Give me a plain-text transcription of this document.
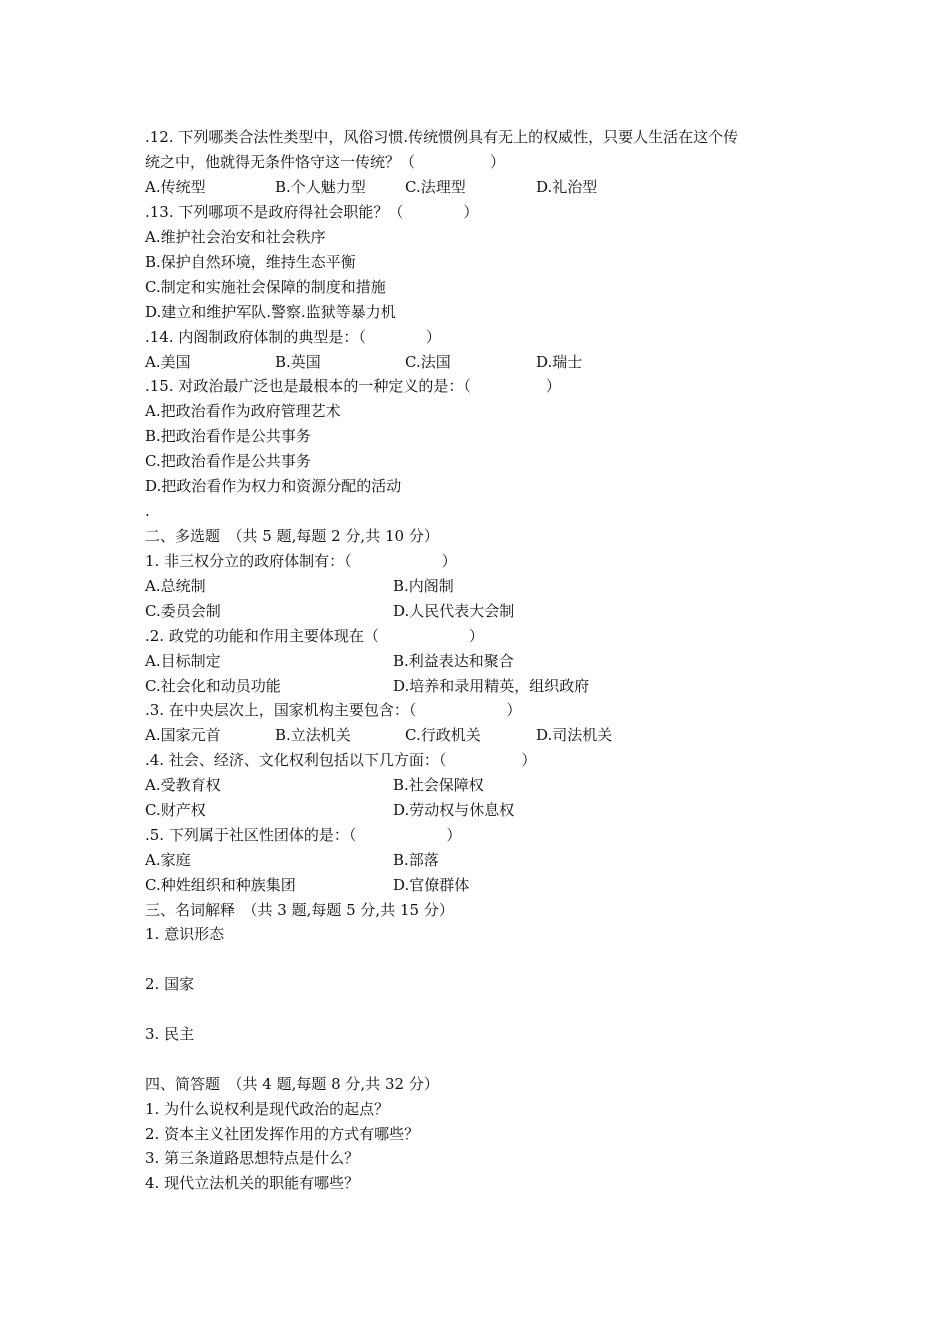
.12. 下列哪类合法性类型中，风俗习惯.传统惯例具有无上的权威性，只要人生活在这个传
统之中，他就得无条件恪守这一传统？（　　　　　）
A.传统型	B.个人魅力型	C.法理型	D.礼治型
.13. 下列哪项不是政府得社会职能？（　　　　）
A.维护社会治安和社会秩序
B.保护自然环境，维持生态平衡
C.制定和实施社会保障的制度和措施
D.建立和维护军队.警察.监狱等暴力机
.14. 内阁制政府体制的典型是：（　　　　）
A.美国	B.英国	C.法国	D.瑞士
.15. 对政治最广泛也是最根本的一种定义的是：（　　　　　）
A.把政治看作为政府管理艺术
B.把政治看作是公共事务
C.把政治看作是公共事务
D.把政治看作为权力和资源分配的活动
.
二、多选题　（共 5 题,每题 2 分,共 10 分）
1. 非三权分立的政府体制有：（　　　　　　）
A.总统制	B.内阁制
C.委员会制	D.人民代表大会制
.2. 政党的功能和作用主要体现在（　　　　　　）
A.目标制定	B.利益表达和聚合
C.社会化和动员功能	D.培养和录用精英，组织政府
.3. 在中央层次上，国家机构主要包含：（　　　　　　）
A.国家元首	B.立法机关	C.行政机关	D.司法机关
.4. 社会、经济、文化权利包括以下几方面：（　　　　　）
A.受教育权	B.社会保障权
C.财产权	D.劳动权与休息权
.5. 下列属于社区性团体的是：（　　　　　　）
A.家庭	B.部落
C.种姓组织和种族集团	D.官僚群体
三、名词解释　（共 3 题,每题 5 分,共 15 分）
1. 意识形态
2. 国家
3. 民主
四、简答题　（共 4 题,每题 8 分,共 32 分）
1. 为什么说权利是现代政治的起点？
2. 资本主义社团发挥作用的方式有哪些？
3. 第三条道路思想特点是什么？
4. 现代立法机关的职能有哪些？
